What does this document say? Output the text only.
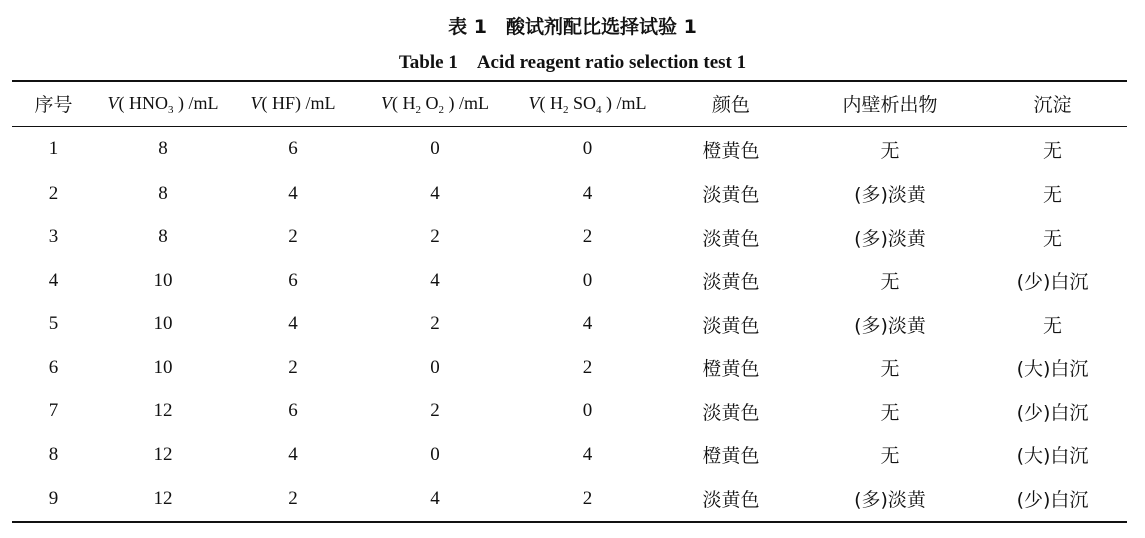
表 1　酸试剂配比选择试验 1
Table 1　Acid reagent ratio selection test 1
序号	V( $HNO_3$ ) /mL	V( HF) /mL	V( $H_2$ $O_2$ ) /mL	V( $H_2$ $SO_4$ ) /mL	颜色	内壁析出物	沉淀
1	8	6	0	0	橙黄色	无	无
2	8	4	4	4	淡黄色	(多)淡黄	无
3	8	2	2	2	淡黄色	(多)淡黄	无
4	10	6	4	0	淡黄色	无	(少)白沉
5	10	4	2	4	淡黄色	(多)淡黄	无
6	10	2	0	2	橙黄色	无	(大)白沉
7	12	6	2	0	淡黄色	无	(少)白沉
8	12	4	0	4	橙黄色	无	(大)白沉
9	12	2	4	2	淡黄色	(多)淡黄	(少)白沉
